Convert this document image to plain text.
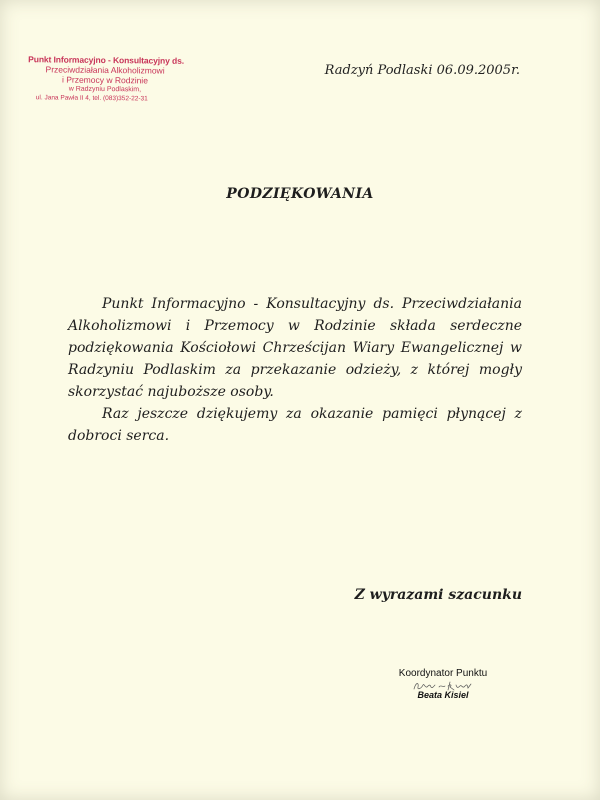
Punkt Informacyjno - Konsultacyjny ds.
Przeciwdziałania Alkoholizmowi
i Przemocy w Rodzinie
w Radzyniu Podlaskim,
ul. Jana Pawła II 4, tel. (083)352-22-31
Radzyń Podlaski 06.09.2005r.
PODZIĘKOWANIA

Punkt Informacyjno - Konsultacyjny ds. Przeciwdziałania Alkoholizmowi i Przemocy w Rodzinie składa serdeczne podziękowania Kościołowi Chrześcijan Wiary Ewangelicznej w Radzyniu Podlaskim za przekazanie odzieży, z której mogły skorzystać najuboższe osoby.

Raz jeszcze dziękujemy za okazanie pamięci płynącej z dobroci serca.

Z wyrazami szacunku
Koordynator Punktu
Beata Kisiel
